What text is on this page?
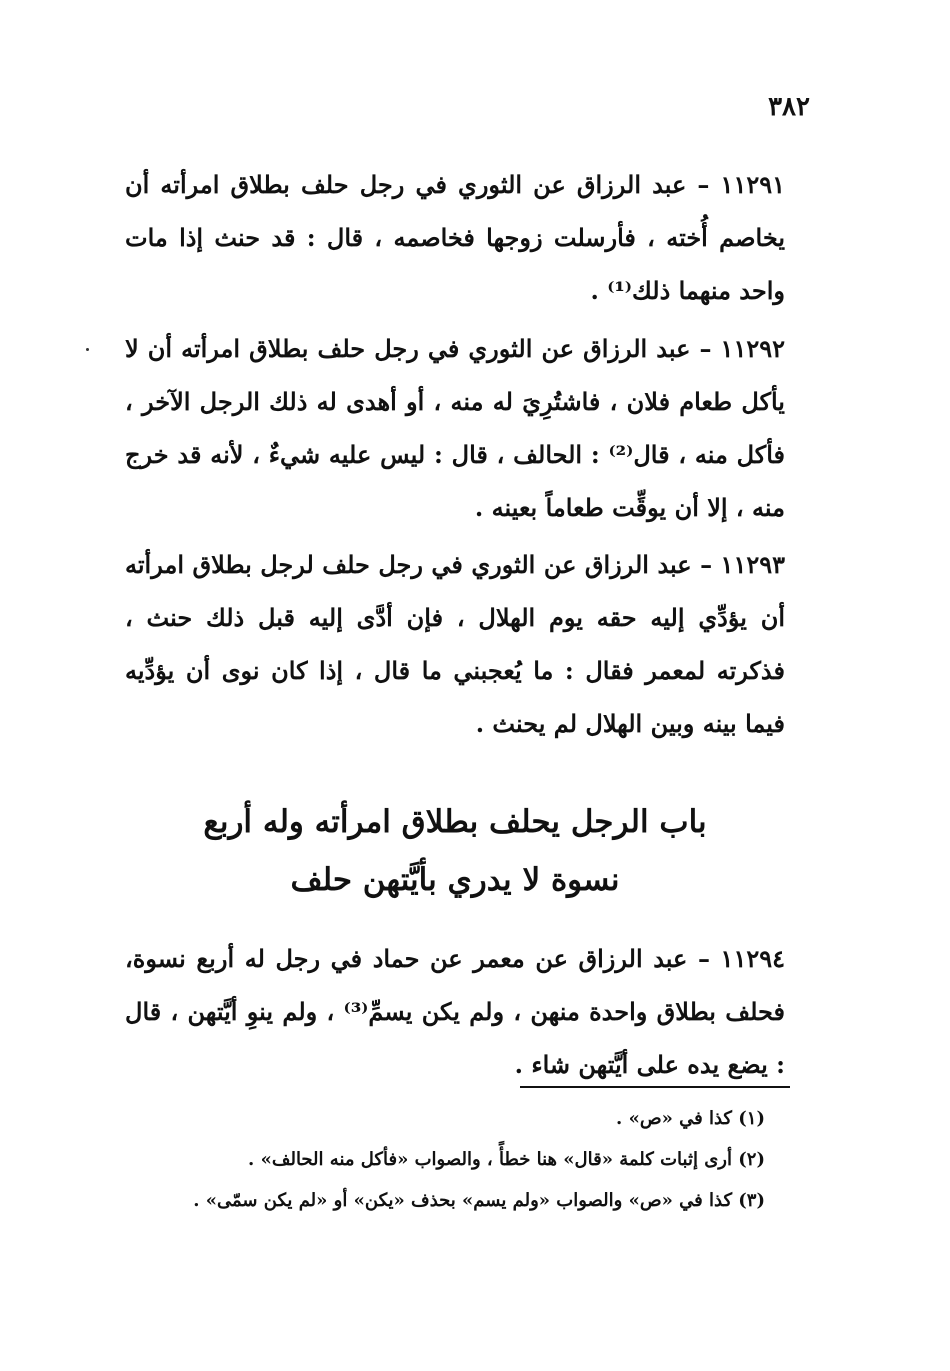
٣٨٢

١١٢٩١ – عبد الرزاق عن الثوري في رجل حلف بطلاق امرأته أن يخاصم أُخته ، فأرسلت زوجها فخاصمه ، قال : قد حنث إذا مات واحد منهما ذلك⁽¹⁾ .

١١٢٩٢ – عبد الرزاق عن الثوري في رجل حلف بطلاق امرأته أن لا يأكل طعام فلان ، فاشتُرِيَ له منه ، أو أهدى له ذلك الرجل الآخر ، فأكل منه ، قال⁽²⁾ : الحالف ، قال : ليس عليه شيءٌ ، لأنه قد خرج منه ، إلا أن يوقِّت طعاماً بعينه .

١١٢٩٣ – عبد الرزاق عن الثوري في رجل حلف لرجل بطلاق امرأته أن يؤدِّي إليه حقه يوم الهلال ، فإن أدَّى إليه قبل ذلك حنث ، فذكرته لمعمر فقال : ما يُعجبني ما قال ، إذا كان نوى أن يؤدِّيه فيما بينه وبين الهلال لم يحنث .

باب الرجل يحلف بطلاق امرأته وله أربع
نسوة لا يدري بأيَّتهن حلف

١١٢٩٤ – عبد الرزاق عن معمر عن حماد في رجل له أربع نسوة، فحلف بطلاق واحدة منهن ، ولم يكن يسمِّ⁽³⁾ ، ولم ينوِ أيَّتهن ، قال : يضع يده على أيَّتهن شاء .

(١) كذا في «ص» .
(٢) أرى إثبات كلمة «قال» هنا خطأً ، والصواب «فأكل منه الحالف» .
(٣) كذا في «ص» والصواب «ولم يسم» بحذف «يكن» أو «لم يكن سمّى» .
